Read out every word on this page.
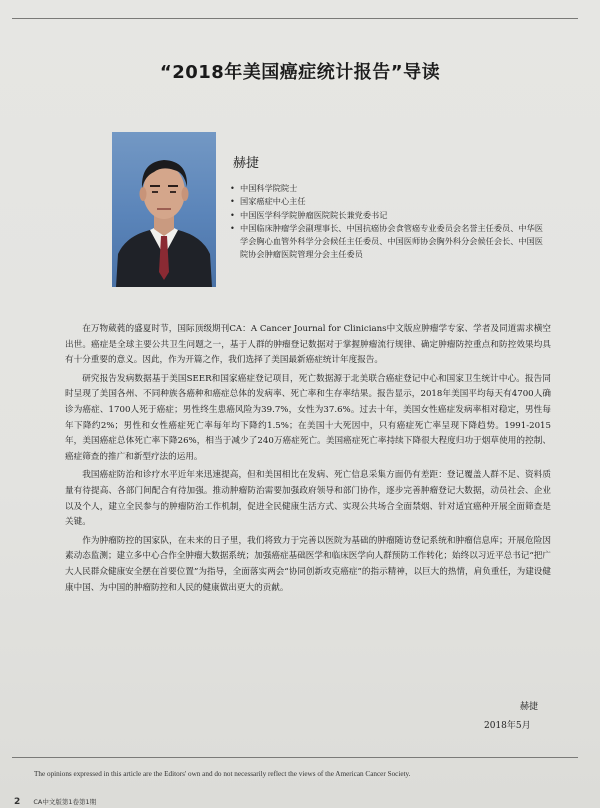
“2018年美国癌症统计报告”导读
赫捷
• 中国科学院院士
• 国家癌症中心主任
• 中国医学科学院肿瘤医院院长兼党委书记
• 中国临床肿瘤学会副理事长、中国抗癌协会食管癌专业委员会名誉主任委员、中华医学会胸心血管外科学分会候任主任委员、中国医师协会胸外科分会候任会长、中国医院协会肿瘤医院管理分会主任委员

在万物葳蕤的盛夏时节，国际顶级期刊CA：A Cancer Journal for Clinicians中文版应肿瘤学专家、学者及同道需求横空出世。癌症是全球主要公共卫生问题之一，基于人群的肿瘤登记数据对于掌握肿瘤流行规律、确定肿瘤防控重点和防控效果均具有十分重要的意义。因此，作为开篇之作，我们选择了美国最新癌症统计年度报告。

研究报告发病数据基于美国SEER和国家癌症登记项目，死亡数据源于北美联合癌症登记中心和国家卫生统计中心。报告同时呈现了美国各州、不同种族各癌种和癌症总体的发病率、死亡率和生存率结果。报告显示，2018年美国平均每天有4700人确诊为癌症、1700人死于癌症；男性终生患癌风险为39.7%，女性为37.6%。过去十年，美国女性癌症发病率相对稳定，男性每年下降约2%；男性和女性癌症死亡率每年均下降约1.5%；在美国十大死因中，只有癌症死亡率呈现下降趋势。1991-2015年，美国癌症总体死亡率下降26%，相当于减少了240万癌症死亡。美国癌症死亡率持续下降很大程度归功于烟草使用的控制、癌症筛查的推广和新型疗法的运用。

我国癌症防治和诊疗水平近年来迅速提高，但和美国相比在发病、死亡信息采集方面仍有差距：登记覆盖人群不足、资料质量有待提高、各部门间配合有待加强。推动肿瘤防治需要加强政府领导和部门协作，逐步完善肿瘤登记大数据，动员社会、企业以及个人，建立全民参与的肿瘤防治工作机制，促进全民健康生活方式、实现公共场合全面禁烟、针对适宜癌种开展全面筛查是关键。

作为肿瘤防控的国家队，在未来的日子里，我们将致力于完善以医院为基础的肿瘤随访登记系统和肿瘤信息库；开展危险因素动态监测；建立多中心合作全肿瘤大数据系统；加强癌症基础医学和临床医学向人群预防工作转化；始终以习近平总书记“把广大人民群众健康安全摆在首要位置”为指导，全面落实两会“协同创新攻克癌症”的指示精神，以巨大的热情，肩负重任，为建设健康中国、为中国的肿瘤防控和人民的健康做出更大的贡献。

赫捷
2018年5月
The opinions expressed in this article are the Editors' own and do not necessarily reflect the views of the American Cancer Society.
2 CA中文版第1卷第1期
